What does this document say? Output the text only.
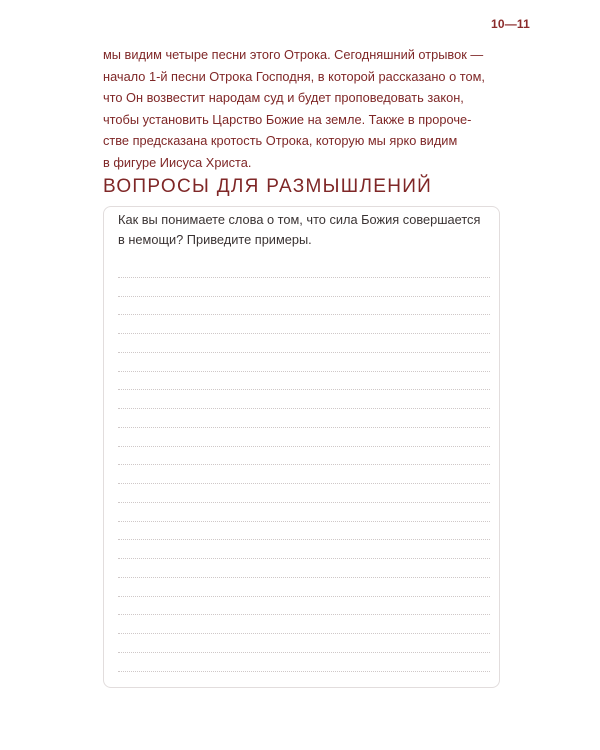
10—11
мы видим четыре песни этого Отрока. Сегодняшний отрывок —
начало 1-й песни Отрока Господня, в которой рассказано о том,
что Он возвестит народам суд и будет проповедовать закон,
чтобы установить Царство Божие на земле. Также в пророче-
стве предсказана кротость Отрока, которую мы ярко видим
в фигуре Иисуса Христа.
ВОПРОСЫ ДЛЯ РАЗМЫШЛЕНИЙ
Как вы понимаете слова о том, что сила Божия совершается
в немощи? Приведите примеры.
